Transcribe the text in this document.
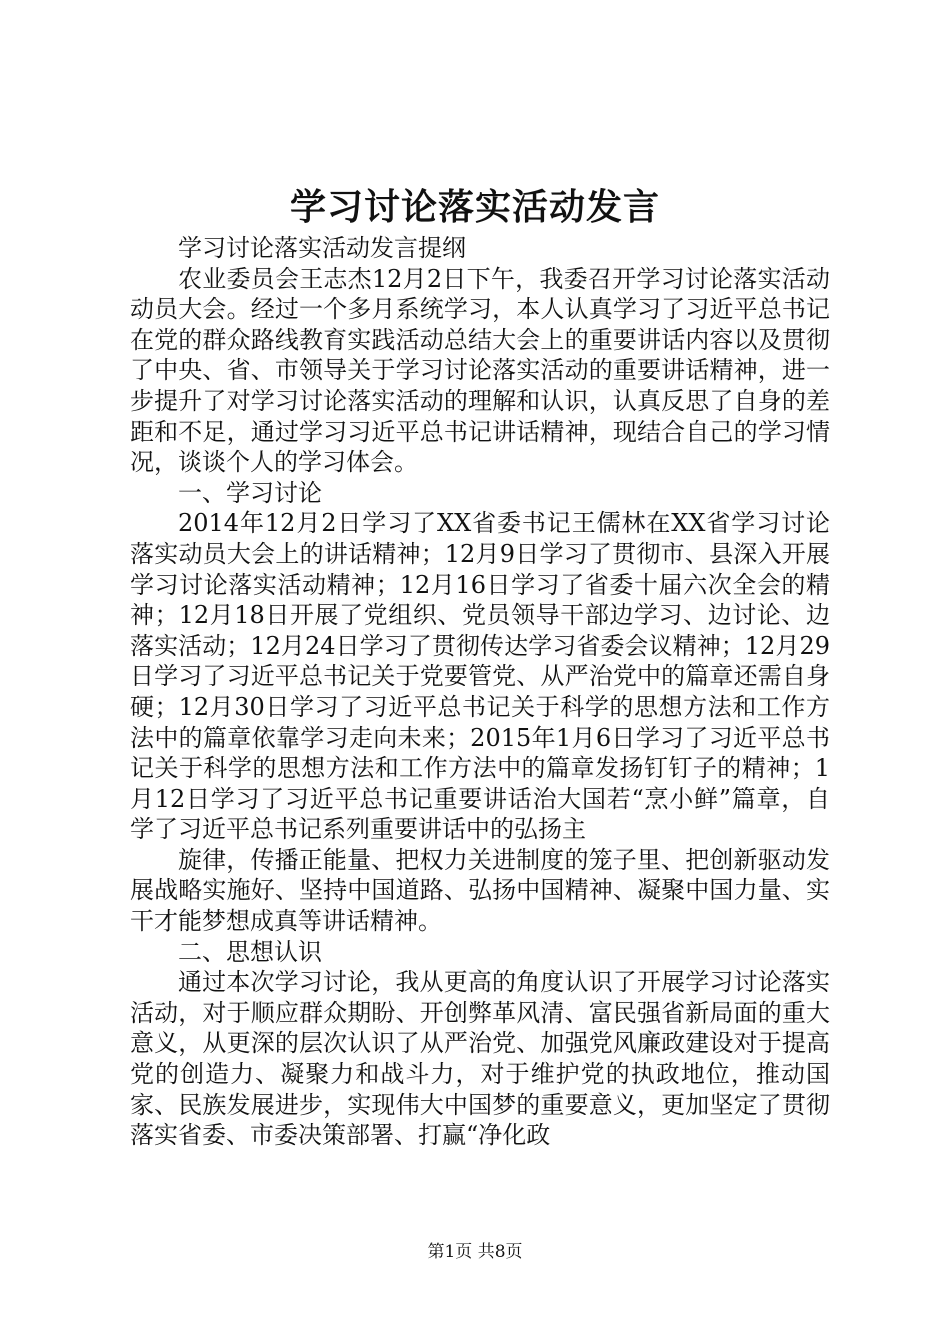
学习讨论落实活动发言

学习讨论落实活动发言提纲

农业委员会王志杰12月2日下午，我委召开学习讨论落实活动动员大会。经过一个多月系统学习，本人认真学习了习近平总书记在党的群众路线教育实践活动总结大会上的重要讲话内容以及贯彻了中央、省、市领导关于学习讨论落实活动的重要讲话精神，进一步提升了对学习讨论落实活动的理解和认识，认真反思了自身的差距和不足，通过学习习近平总书记讲话精神，现结合自己的学习情况，谈谈个人的学习体会。

一、学习讨论

2014年12月2日学习了XX省委书记王儒林在XX省学习讨论落实动员大会上的讲话精神；12月9日学习了贯彻市、县深入开展学习讨论落实活动精神；12月16日学习了省委十届六次全会的精神；12月18日开展了党组织、党员领导干部边学习、边讨论、边落实活动；12月24日学习了贯彻传达学习省委会议精神；12月29日学习了习近平总书记关于党要管党、从严治党中的篇章还需自身硬；12月30日学习了习近平总书记关于科学的思想方法和工作方法中的篇章依靠学习走向未来；2015年1月6日学习了习近平总书记关于科学的思想方法和工作方法中的篇章发扬钉钉子的精神；1月12日学习了习近平总书记重要讲话治大国若“烹小鲜”篇章，自学了习近平总书记系列重要讲话中的弘扬主

旋律，传播正能量、把权力关进制度的笼子里、把创新驱动发展战略实施好、坚持中国道路、弘扬中国精神、凝聚中国力量、实干才能梦想成真等讲话精神。

二、思想认识

通过本次学习讨论，我从更高的角度认识了开展学习讨论落实活动，对于顺应群众期盼、开创弊革风清、富民强省新局面的重大意义，从更深的层次认识了从严治党、加强党风廉政建设对于提高党的创造力、凝聚力和战斗力，对于维护党的执政地位，推动国家、民族发展进步，实现伟大中国梦的重要意义，更加坚定了贯彻落实省委、市委决策部署、打赢“净化政

第1页 共8页
